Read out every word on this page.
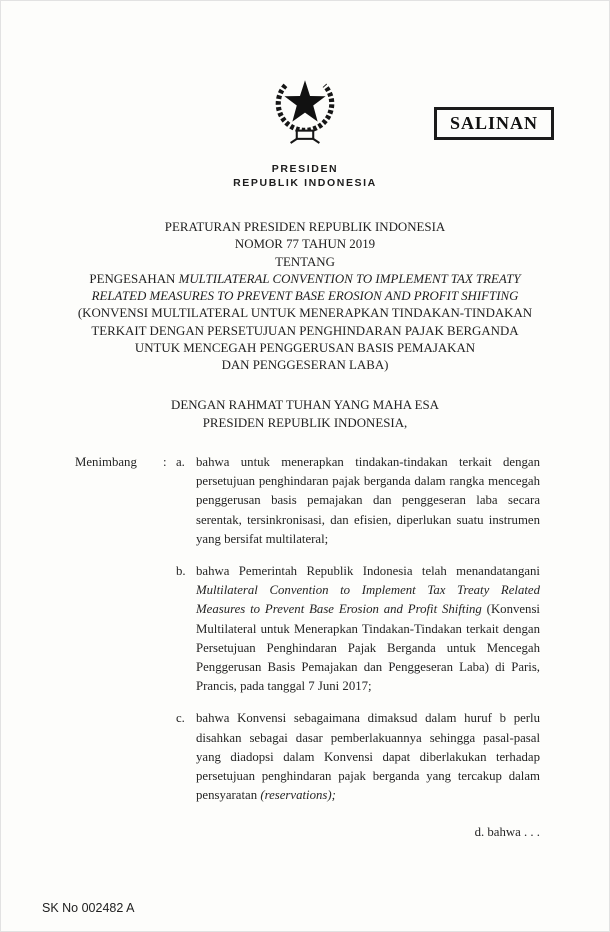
SALINAN
PRESIDEN
REPUBLIK INDONESIA
PERATURAN PRESIDEN REPUBLIK INDONESIA
NOMOR 77 TAHUN 2019
TENTANG
PENGESAHAN MULTILATERAL CONVENTION TO IMPLEMENT TAX TREATY
RELATED MEASURES TO PREVENT BASE EROSION AND PROFIT SHIFTING
(KONVENSI MULTILATERAL UNTUK MENERAPKAN TINDAKAN-TINDAKAN
TERKAIT DENGAN PERSETUJUAN PENGHINDARAN PAJAK BERGANDA
UNTUK MENCEGAH PENGGERUSAN BASIS PEMAJAKAN
DAN PENGGESERAN LABA)
DENGAN RAHMAT TUHAN YANG MAHA ESA
PRESIDEN REPUBLIK INDONESIA,
Menimbang : a. bahwa untuk menerapkan tindakan-tindakan terkait dengan persetujuan penghindaran pajak berganda dalam rangka mencegah penggerusan basis pemajakan dan penggeseran laba secara serentak, tersinkronisasi, dan efisien, diperlukan suatu instrumen yang bersifat multilateral;

b. bahwa Pemerintah Republik Indonesia telah menandatangani Multilateral Convention to Implement Tax Treaty Related Measures to Prevent Base Erosion and Profit Shifting (Konvensi Multilateral untuk Menerapkan Tindakan-Tindakan terkait dengan Persetujuan Penghindaran Pajak Berganda untuk Mencegah Penggerusan Basis Pemajakan dan Penggeseran Laba) di Paris, Prancis, pada tanggal 7 Juni 2017;

c. bahwa Konvensi sebagaimana dimaksud dalam huruf b perlu disahkan sebagai dasar pemberlakuannya sehingga pasal-pasal yang diadopsi dalam Konvensi dapat diberlakukan terhadap persetujuan penghindaran pajak berganda yang tercakup dalam pensyaratan (reservations);

d. bahwa . . .
SK No 002482 A
